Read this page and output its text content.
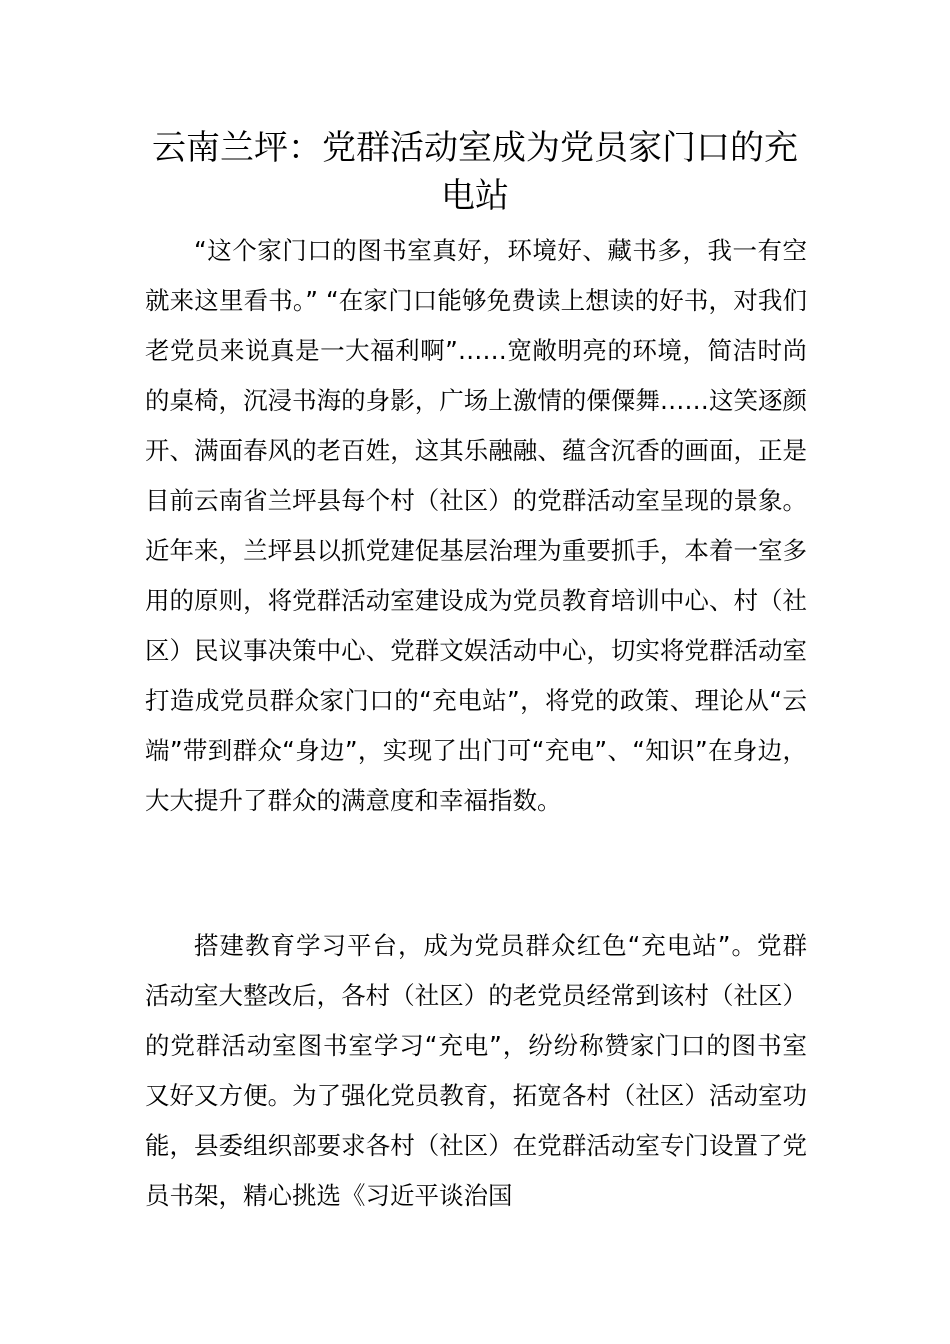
云南兰坪：党群活动室成为党员家门口的充电站

“这个家门口的图书室真好，环境好、藏书多，我一有空就来这里看书。” “在家门口能够免费读上想读的好书，对我们老党员来说真是一大福利啊”……宽敞明亮的环境，简洁时尚的桌椅，沉浸书海的身影，广场上激情的傈僳舞……这笑逐颜开、满面春风的老百姓，这其乐融融、蕴含沉香的画面，正是目前云南省兰坪县每个村（社区）的党群活动室呈现的景象。近年来，兰坪县以抓党建促基层治理为重要抓手，本着一室多用的原则，将党群活动室建设成为党员教育培训中心、村（社区）民议事决策中心、党群文娱活动中心，切实将党群活动室打造成党员群众家门口的“充电站”，将党的政策、理论从“云端”带到群众“身边”，实现了出门可“充电”、“知识”在身边，大大提升了群众的满意度和幸福指数。

搭建教育学习平台，成为党员群众红色“充电站”。党群活动室大整改后，各村（社区）的老党员经常到该村（社区）的党群活动室图书室学习“充电”，纷纷称赞家门口的图书室又好又方便。为了强化党员教育，拓宽各村（社区）活动室功能，县委组织部要求各村（社区）在党群活动室专门设置了党员书架，精心挑选《习近平谈治国
